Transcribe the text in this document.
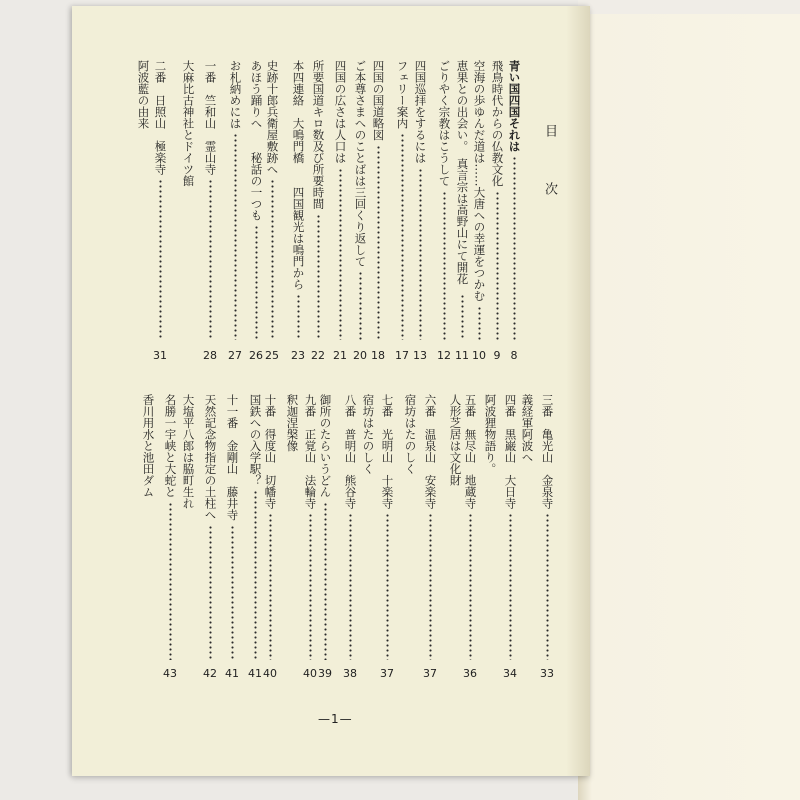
目
次
青い国四国それは
8
飛鳥時代からの仏教文化
9
空海の歩ゆんだ道は……大唐への幸運をつかむ
10
恵果との出会い。　真言宗は高野山にて開花
11
ごりやく宗教はこうして
12
四国巡拝をするには
13
フェリー案内
17
四国の国道略図
18
ご本尊さまへのことばは三回くり返して
20
四国の広さは人口は
21
所要国道キロ数及び所要時間
22
本四連絡　大鳴門橋　　四国観光は鳴門から
23
史跡十郎兵衛屋敷跡へ
25
あほう踊りへ　　秘話の一つも
26
お札納めには
27
一番　竺和山　霊山寺
28
大麻比古神社とドイツ館
二番　日照山　極楽寺
31
阿波藍の由来
三番　亀光山　金泉寺
33
義経軍阿波へ
四番　黒巌山　大日寺
34
阿波狸物語り。
五番　無尽山　地蔵寺
36
人形芝居は文化財
六番　温泉山　安楽寺
37
宿坊はたのしく
七番　光明山　十楽寺
37
宿坊はたのしく
八番　普明山　熊谷寺
38
御所のたらいうどん
39
九番　正覚山　法輪寺
40
釈迦涅槃像
十番　得度山　切幡寺
40
国鉄への入学駅？
41
十一番　金剛山　藤井寺
41
天然記念物指定の土柱へ
42
大塩平八郎は脇町生れ
名勝一宇峡と大蛇と
43
香川用水と池田ダム
—1—
